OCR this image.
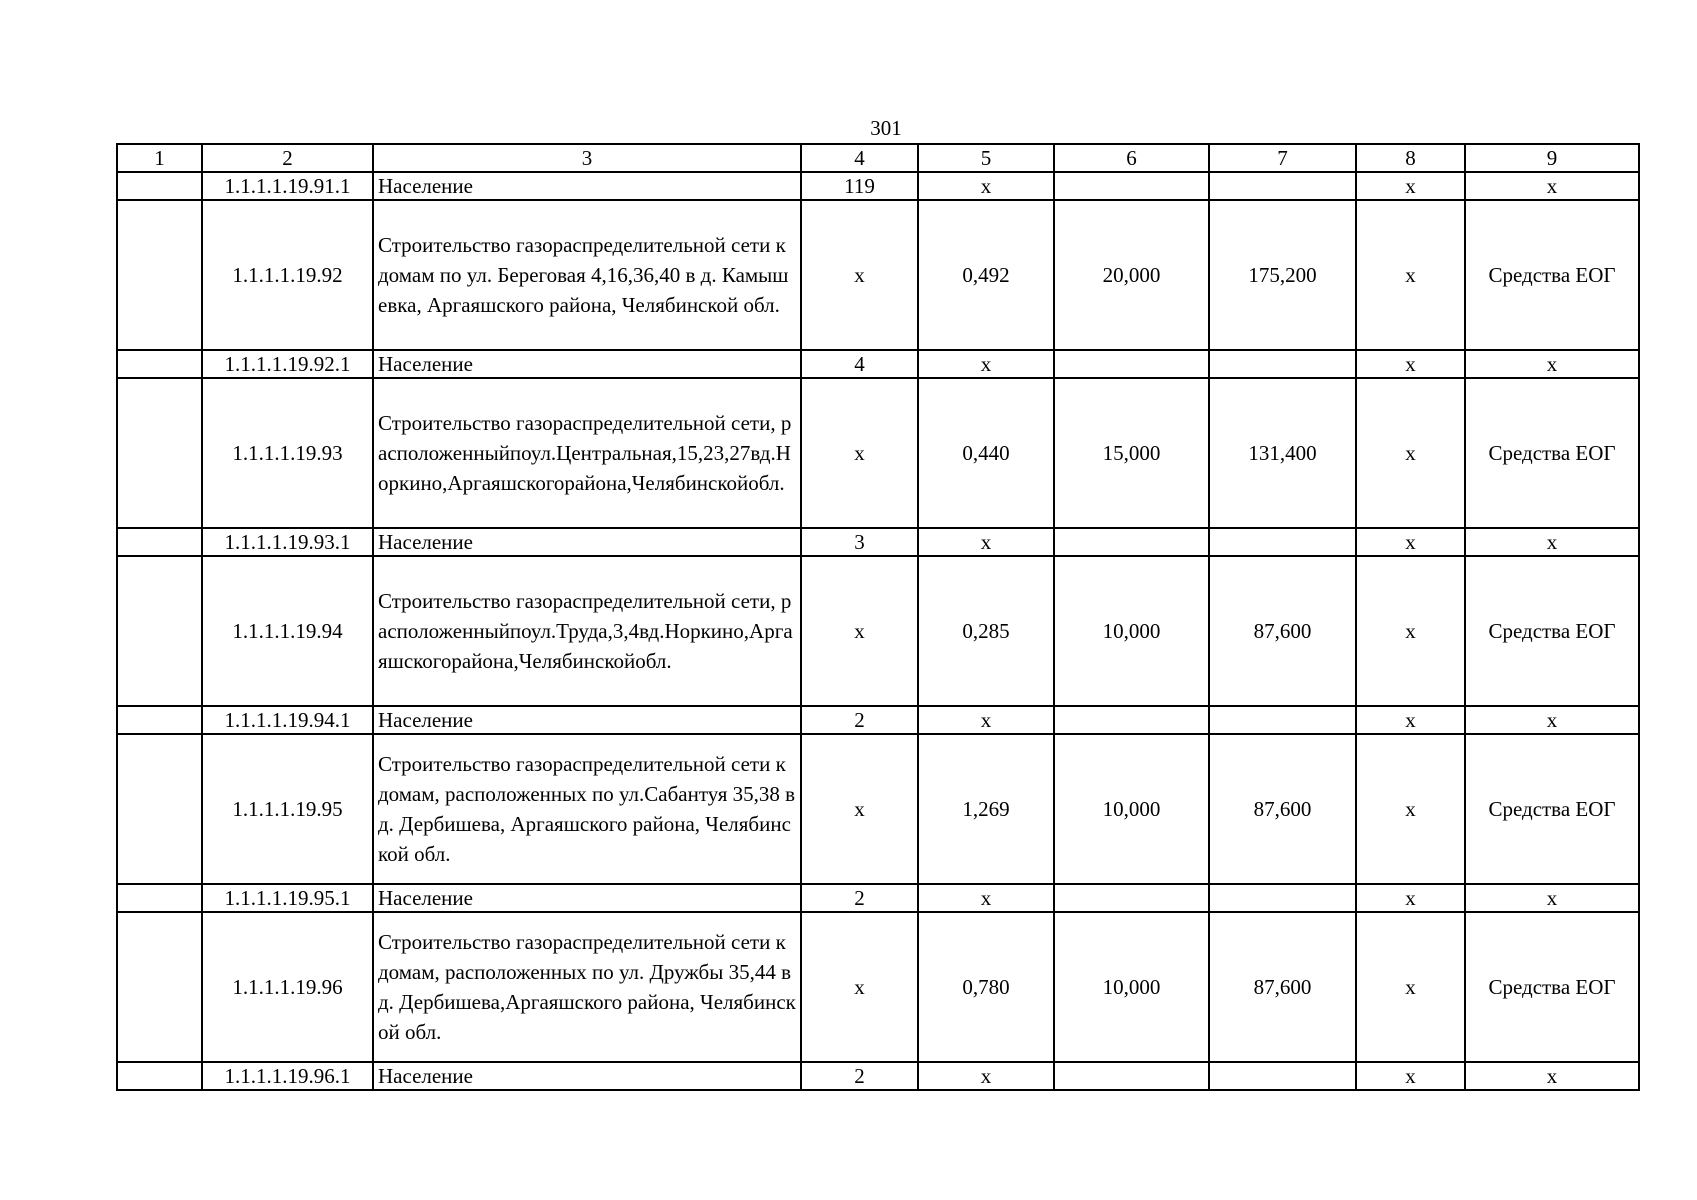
301
1	2	3	4	5	6	7	8	9
	1.1.1.1.19.91.1	Население	119	х			х	х
	1.1.1.1.19.92	Строительство газораспределительной сети к домам по ул. Береговая 4,16,36,40 в д. Камышевка, Аргаяшского района, Челябинской обл.	х	0,492	20,000	175,200	х	Средства ЕОГ
	1.1.1.1.19.92.1	Население	4	х			х	х
	1.1.1.1.19.93	Строительство газораспределительной сети, расположенныйпоул.Центральная,15,23,27вд.Норкино,Аргаяшскогорайона,Челябинскойобл.	х	0,440	15,000	131,400	х	Средства ЕОГ
	1.1.1.1.19.93.1	Население	3	х			х	х
	1.1.1.1.19.94	Строительство газораспределительной сети, расположенныйпоул.Труда,3,4вд.Норкино,Аргаяшскогорайона,Челябинскойобл.	х	0,285	10,000	87,600	х	Средства ЕОГ
	1.1.1.1.19.94.1	Население	2	х			х	х
	1.1.1.1.19.95	Строительство газораспределительной сети к домам, расположенных по ул.Сабантуя 35,38 в д. Дербишева, Аргаяшского района, Челябинской обл.	х	1,269	10,000	87,600	х	Средства ЕОГ
	1.1.1.1.19.95.1	Население	2	х			х	х
	1.1.1.1.19.96	Строительство газораспределительной сети к домам, расположенных по ул. Дружбы 35,44 в д. Дербишева,Аргаяшского района, Челябинской обл.	х	0,780	10,000	87,600	х	Средства ЕОГ
	1.1.1.1.19.96.1	Население	2	х			х	х
